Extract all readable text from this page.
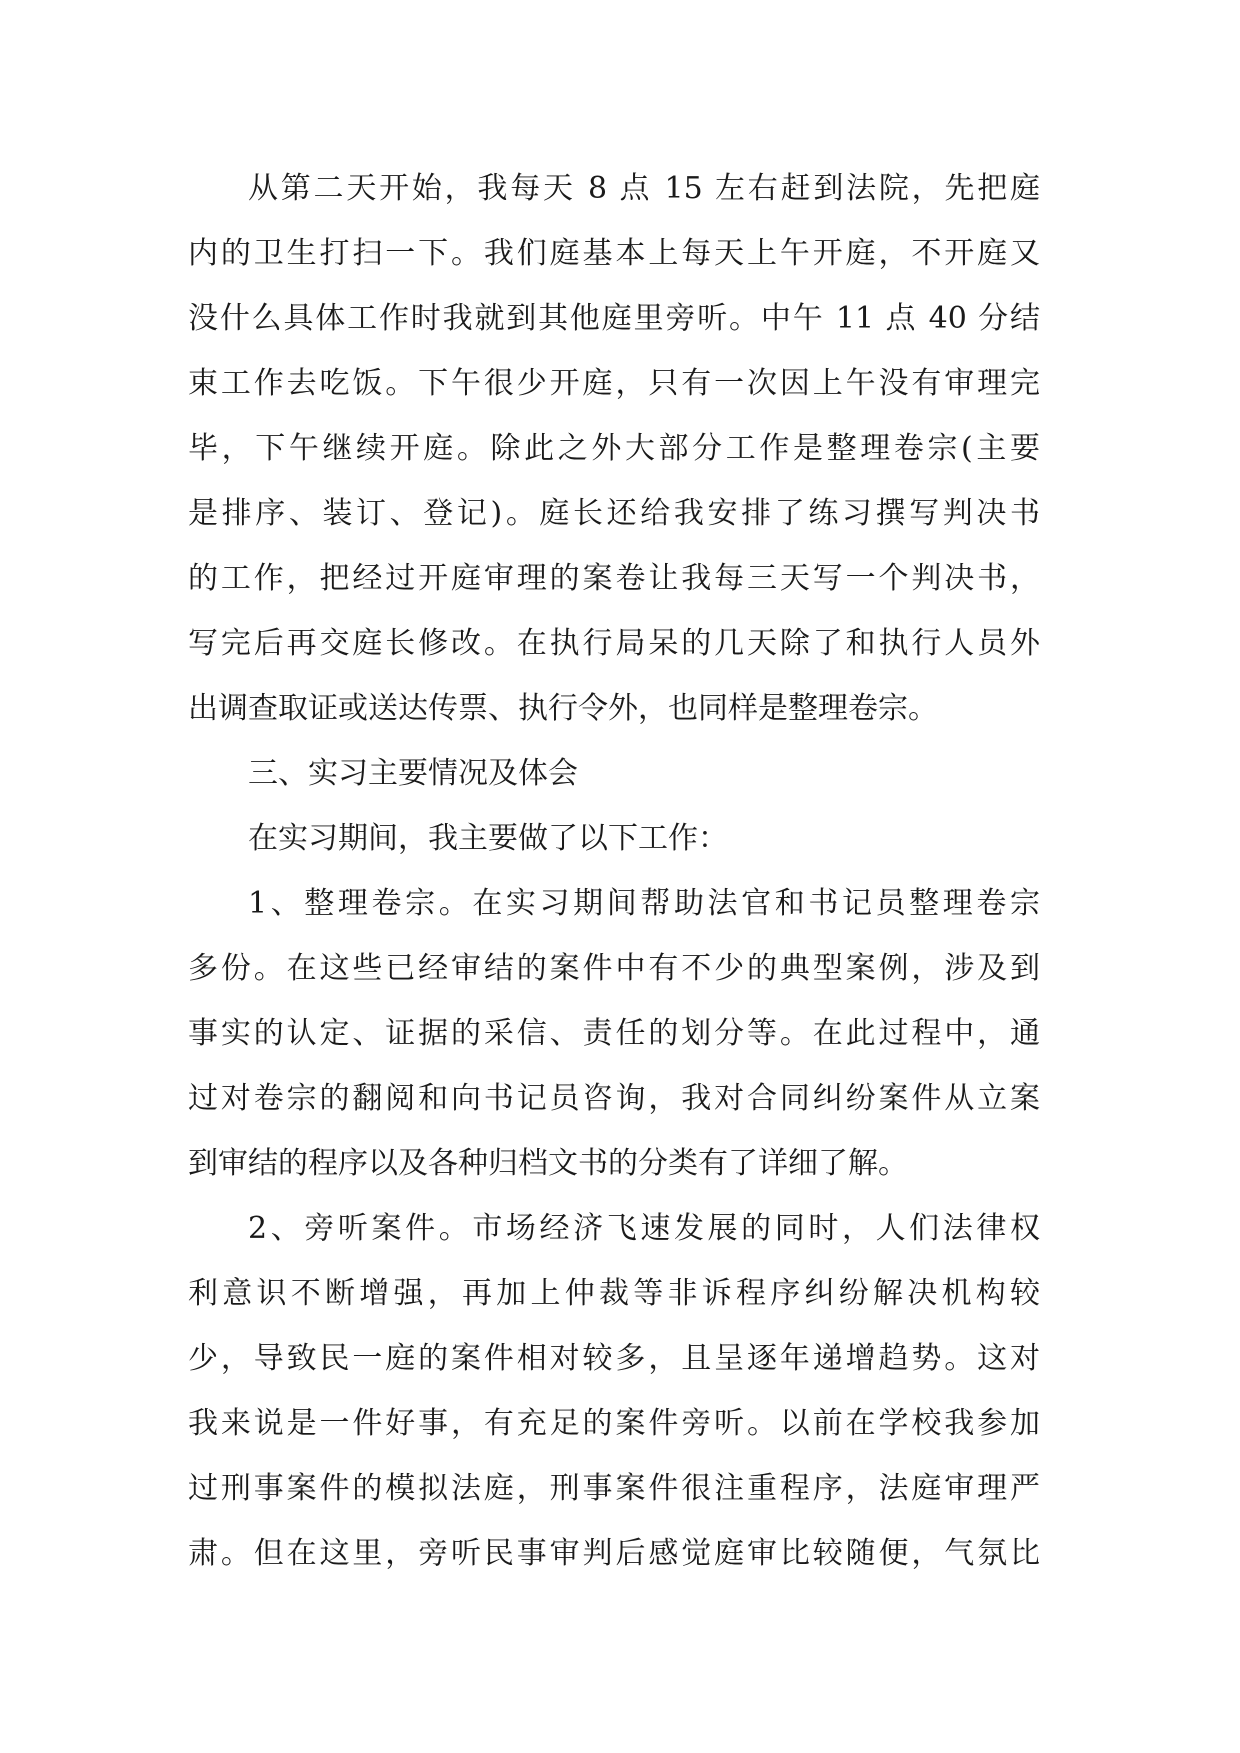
从第二天开始，我每天 8 点 15 左右赶到法院，先把庭
内的卫生打扫一下。我们庭基本上每天上午开庭，不开庭又
没什么具体工作时我就到其他庭里旁听。中午 11 点 40 分结
束工作去吃饭。下午很少开庭，只有一次因上午没有审理完
毕，下午继续开庭。除此之外大部分工作是整理卷宗(主要
是排序、装订、登记)。庭长还给我安排了练习撰写判决书
的工作，把经过开庭审理的案卷让我每三天写一个判决书，
写完后再交庭长修改。在执行局呆的几天除了和执行人员外
出调查取证或送达传票、执行令外，也同样是整理卷宗。
三、实习主要情况及体会
在实习期间，我主要做了以下工作：
1、整理卷宗。在实习期间帮助法官和书记员整理卷宗
多份。在这些已经审结的案件中有不少的典型案例，涉及到
事实的认定、证据的采信、责任的划分等。在此过程中，通
过对卷宗的翻阅和向书记员咨询，我对合同纠纷案件从立案
到审结的程序以及各种归档文书的分类有了详细了解。
2、旁听案件。市场经济飞速发展的同时，人们法律权
利意识不断增强，再加上仲裁等非诉程序纠纷解决机构较
少，导致民一庭的案件相对较多，且呈逐年递增趋势。这对
我来说是一件好事，有充足的案件旁听。以前在学校我参加
过刑事案件的模拟法庭，刑事案件很注重程序，法庭审理严
肃。但在这里，旁听民事审判后感觉庭审比较随便，气氛比
